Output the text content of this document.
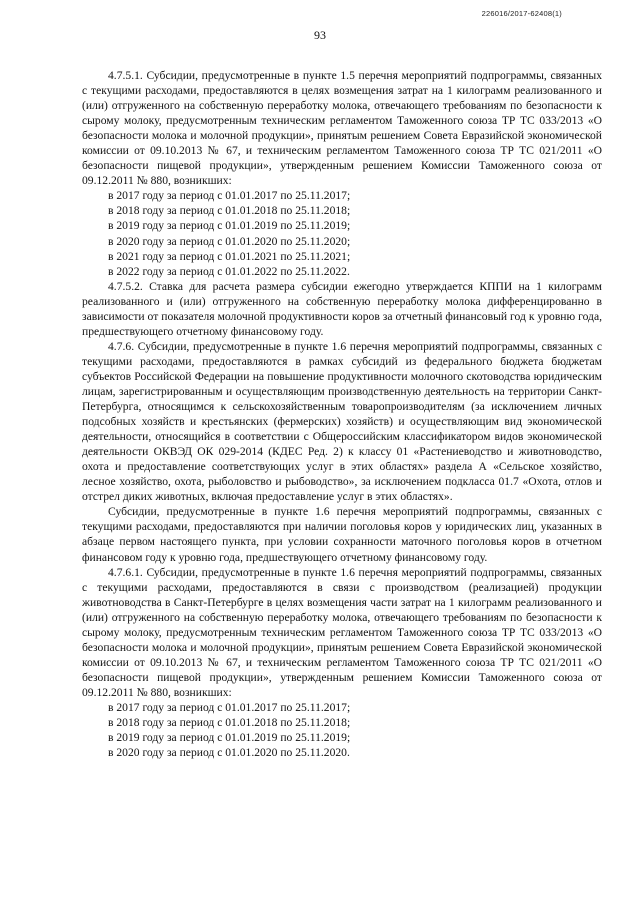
226016/2017-62408(1)
93

4.7.5.1. Субсидии, предусмотренные в пункте 1.5 перечня мероприятий подпрограммы, связанных с текущими расходами, предоставляются в целях возмещения затрат на 1 килограмм реализованного и (или) отгруженного на собственную переработку молока, отвечающего требованиям по безопасности к сырому молоку, предусмотренным техническим регламентом Таможенного союза ТР ТС 033/2013 «О безопасности молока и молочной продукции», принятым решением Совета Евразийской экономической комиссии от 09.10.2013 № 67, и техническим регламентом Таможенного союза ТР ТС 021/2011 «О безопасности пищевой продукции», утвержденным решением Комиссии Таможенного союза от 09.12.2011 № 880, возникших:

в 2017 году за период с 01.01.2017 по 25.11.2017;

в 2018 году за период с 01.01.2018 по 25.11.2018;

в 2019 году за период с 01.01.2019 по 25.11.2019;

в 2020 году за период с 01.01.2020 по 25.11.2020;

в 2021 году за период с 01.01.2021 по 25.11.2021;

в 2022 году за период с 01.01.2022 по 25.11.2022.

4.7.5.2. Ставка для расчета размера субсидии ежегодно утверждается КППИ на 1 килограмм реализованного и (или) отгруженного на собственную переработку молока дифференцированно в зависимости от показателя молочной продуктивности коров за отчетный финансовый год к уровню года, предшествующего отчетному финансовому году.

4.7.6. Субсидии, предусмотренные в пункте 1.6 перечня мероприятий подпрограммы, связанных с текущими расходами, предоставляются в рамках субсидий из федерального бюджета бюджетам субъектов Российской Федерации на повышение продуктивности молочного скотоводства юридическим лицам, зарегистрированным и осуществляющим производственную деятельность на территории Санкт-Петербурга, относящимся к сельскохозяйственным товаропроизводителям (за исключением личных подсобных хозяйств и крестьянских (фермерских) хозяйств) и осуществляющим вид экономической деятельности, относящийся в соответствии с Общероссийским классификатором видов экономической деятельности ОКВЭД ОК 029-2014 (КДЕС Ред. 2) к классу 01 «Растениеводство и животноводство, охота и предоставление соответствующих услуг в этих областях» раздела А «Сельское хозяйство, лесное хозяйство, охота, рыболовство и рыбоводство», за исключением подкласса 01.7 «Охота, отлов и отстрел диких животных, включая предоставление услуг в этих областях».

Субсидии, предусмотренные в пункте 1.6 перечня мероприятий подпрограммы, связанных с текущими расходами, предоставляются при наличии поголовья коров у юридических лиц, указанных в абзаце первом настоящего пункта, при условии сохранности маточного поголовья коров в отчетном финансовом году к уровню года, предшествующего отчетному финансовому году.

4.7.6.1. Субсидии, предусмотренные в пункте 1.6 перечня мероприятий подпрограммы, связанных с текущими расходами, предоставляются в связи с производством (реализацией) продукции животноводства в Санкт-Петербурге в целях возмещения части затрат на 1 килограмм реализованного и (или) отгруженного на собственную переработку молока, отвечающего требованиям по безопасности к сырому молоку, предусмотренным техническим регламентом Таможенного союза ТР ТС 033/2013 «О безопасности молока и молочной продукции», принятым решением Совета Евразийской экономической комиссии от 09.10.2013 № 67, и техническим регламентом Таможенного союза ТР ТС 021/2011 «О безопасности пищевой продукции», утвержденным решением Комиссии Таможенного союза от 09.12.2011 № 880, возникших:

в 2017 году за период с 01.01.2017 по 25.11.2017;

в 2018 году за период с 01.01.2018 по 25.11.2018;

в 2019 году за период с 01.01.2019 по 25.11.2019;

в 2020 году за период с 01.01.2020 по 25.11.2020.
